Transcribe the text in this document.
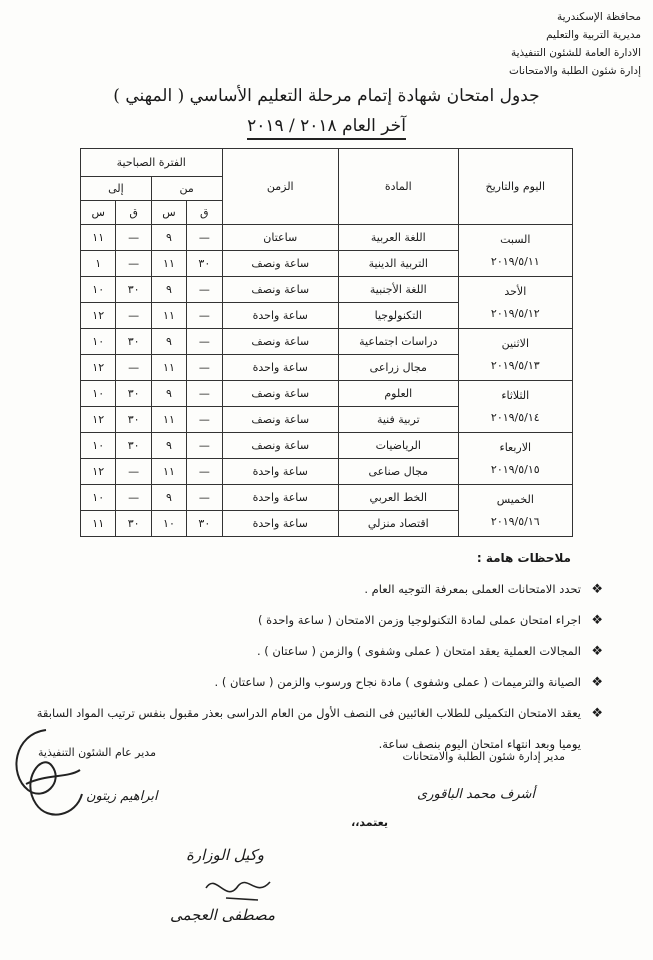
محافظة الإسكندرية
مديرية التربية والتعليم
الادارة العامة للشئون التنفيذية
إدارة شئون الطلبة والامتحانات
جدول امتحان شهادة إتمام مرحلة التعليم الأساسي ( المهني )
آخر العام ٢٠١٨ / ٢٠١٩
اليوم والتاريخ	المادة	الزمن	الفترة الصباحية			
			من		إلى	
			ق	س	ق	س

السبت
٢٠١٩/٥/١١	اللغة العربية	ساعتان	—	٩	—	١١
	التربية الدينية	ساعة ونصف	٣٠	١١	—	١

الأحد
٢٠١٩/٥/١٢	اللغة الأجنبية	ساعة ونصف	—	٩	٣٠	١٠
	التكنولوجيا	ساعة واحدة	—	١١	—	١٢

الاثنين
٢٠١٩/٥/١٣	دراسات اجتماعية	ساعة ونصف	—	٩	٣٠	١٠
	مجال زراعى	ساعة واحدة	—	١١	—	١٢

الثلاثاء
٢٠١٩/٥/١٤	العلوم	ساعة ونصف	—	٩	٣٠	١٠
	تربية فنية	ساعة ونصف	—	١١	٣٠	١٢

الاربعاء
٢٠١٩/٥/١٥	الرياضيات	ساعة ونصف	—	٩	٣٠	١٠
	مجال صناعى	ساعة واحدة	—	١١	—	١٢

الخميس
٢٠١٩/٥/١٦	الخط العربي	ساعة واحدة	—	٩	—	١٠
	اقتصاد منزلي	ساعة واحدة	٣٠	١٠	٣٠	١١
ملاحظات هامة :
❖
تحدد الامتحانات العملى بمعرفة التوجيه العام .
❖
اجراء امتحان عملى لمادة التكنولوجيا وزمن الامتحان ( ساعة واحدة )
❖
المجالات العملية يعقد امتحان ( عملى وشفوى ) والزمن ( ساعتان ) .
❖
الصيانة والترميمات ( عملى وشفوى ) مادة نجاح ورسوب والزمن ( ساعتان ) .
❖
يعقد الامتحان التكميلى للطلاب الغائبين فى النصف الأول من العام الدراسى بعذر مقبول بنفس ترتيب المواد السابقة
يوميا وبعد انتهاء امتحان اليوم بنصف ساعة.
مدير إدارة شئون الطلبة والامتحانات
أشرف محمد الباقورى
مدير عام الشئون التنفيذية
ابراهيم زيتون
يعتمد،،
وكيل الوزارة
مصطفى العجمى
